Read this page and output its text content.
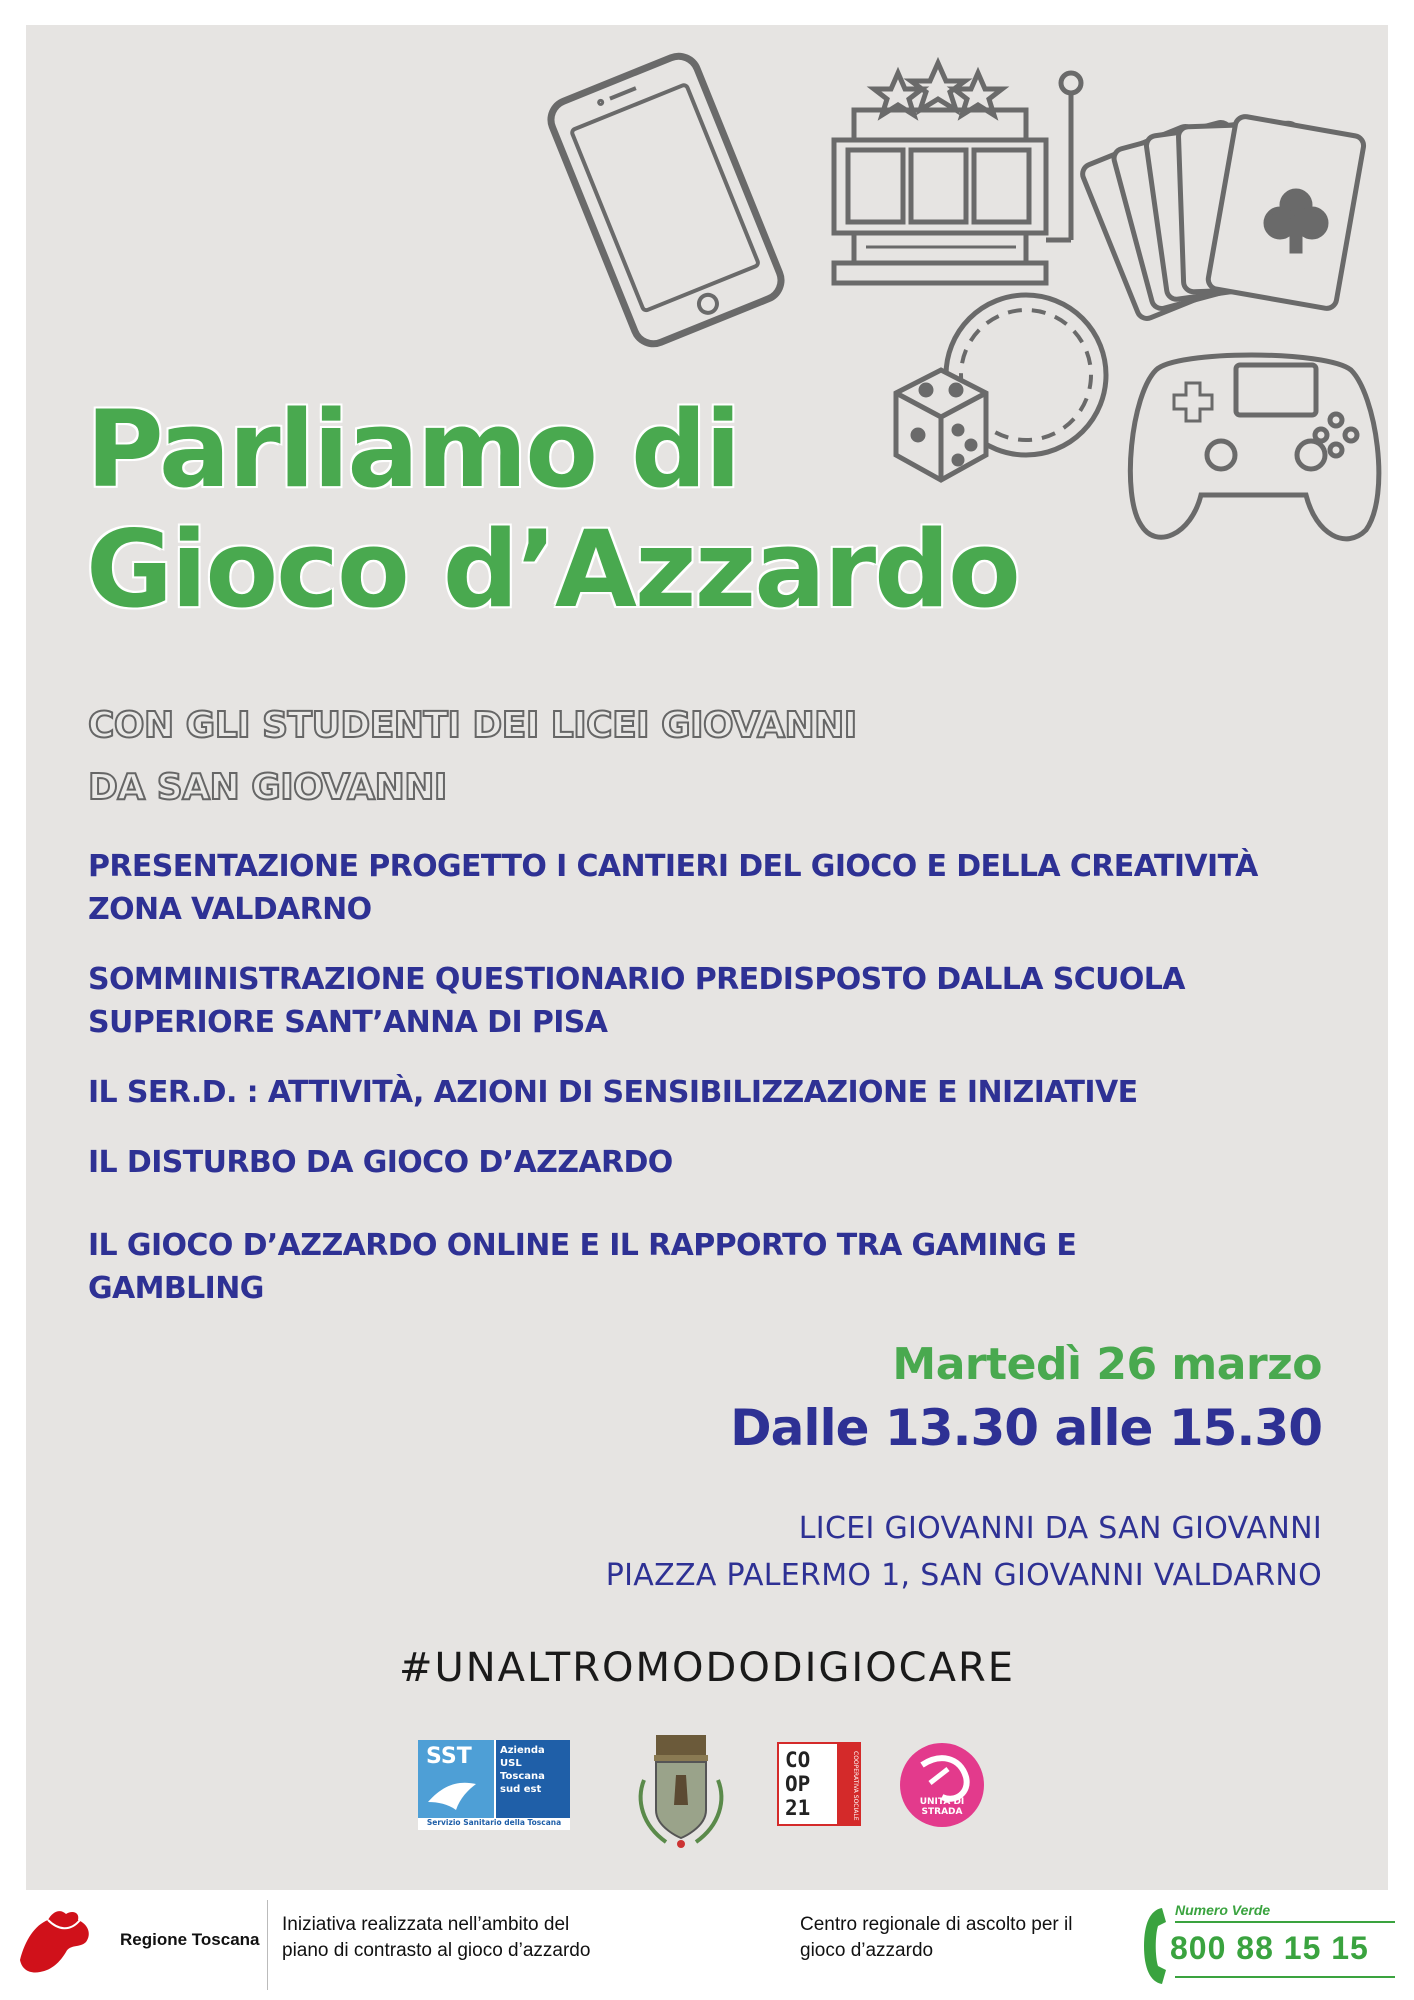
Parliamo di
Gioco d’Azzardo
CON GLI STUDENTI DEI LICEI GIOVANNI
DA SAN GIOVANNI
PRESENTAZIONE PROGETTO I CANTIERI DEL GIOCO E DELLA CREATIVITÀ
ZONA VALDARNO
SOMMINISTRAZIONE QUESTIONARIO PREDISPOSTO DALLA SCUOLA
SUPERIORE SANT’ANNA DI PISA
IL SER.D. : ATTIVITÀ, AZIONI DI SENSIBILIZZAZIONE E INIZIATIVE
IL DISTURBO DA GIOCO D’AZZARDO
IL GIOCO D’AZZARDO ONLINE E IL RAPPORTO TRA GAMING E
GAMBLING
Martedì 26 marzo
Dalle 13.30 alle 15.30
LICEI GIOVANNI DA SAN GIOVANNI
PIAZZA PALERMO 1, SAN GIOVANNI VALDARNO
#UNALTROMODODIGIOCARE
SST	Azienda
USL
Toscana
sud est
Servizio Sanitario della Toscana
CO
OP
21	COOPERATIVA SOCIALE	UNITÀ DI STRADA
Regione Toscana
Iniziativa realizzata nell’ambito del
piano di contrasto al gioco d’azzardo
Centro regionale di ascolto per il
gioco d’azzardo
Numero Verde
800 88 15 15
